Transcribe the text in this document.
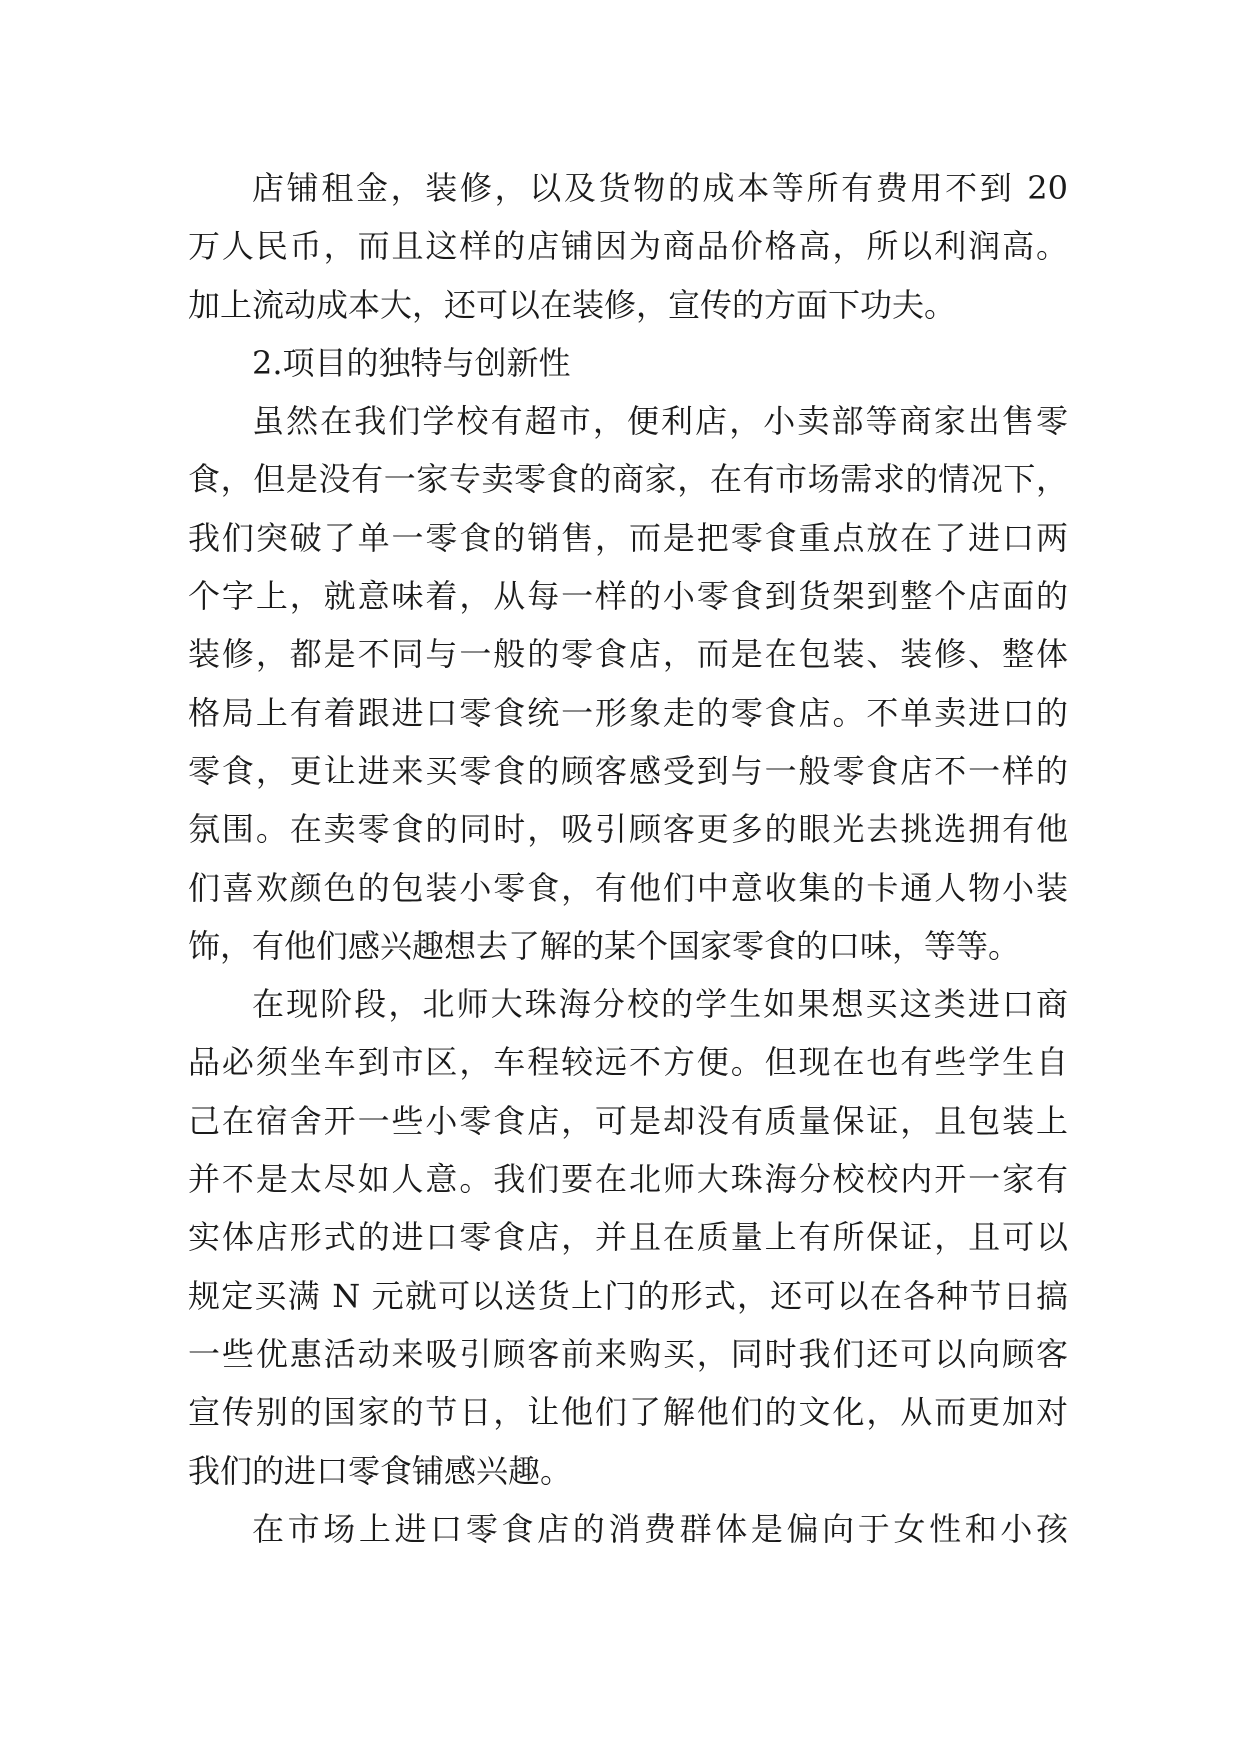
店铺租金，装修，以及货物的成本等所有费用不到 20
万人民币，而且这样的店铺因为商品价格高，所以利润高。
加上流动成本大，还可以在装修，宣传的方面下功夫。
2.项目的独特与创新性
虽然在我们学校有超市，便利店，小卖部等商家出售零
食，但是没有一家专卖零食的商家，在有市场需求的情况下，
我们突破了单一零食的销售，而是把零食重点放在了进口两
个字上，就意味着，从每一样的小零食到货架到整个店面的
装修，都是不同与一般的零食店，而是在包装、装修、整体
格局上有着跟进口零食统一形象走的零食店。不单卖进口的
零食，更让进来买零食的顾客感受到与一般零食店不一样的
氛围。在卖零食的同时，吸引顾客更多的眼光去挑选拥有他
们喜欢颜色的包装小零食，有他们中意收集的卡通人物小装
饰，有他们感兴趣想去了解的某个国家零食的口味，等等。
在现阶段，北师大珠海分校的学生如果想买这类进口商
品必须坐车到市区，车程较远不方便。但现在也有些学生自
己在宿舍开一些小零食店，可是却没有质量保证，且包装上
并不是太尽如人意。我们要在北师大珠海分校校内开一家有
实体店形式的进口零食店，并且在质量上有所保证，且可以
规定买满 N 元就可以送货上门的形式，还可以在各种节日搞
一些优惠活动来吸引顾客前来购买，同时我们还可以向顾客
宣传别的国家的节日，让他们了解他们的文化，从而更加对
我们的进口零食铺感兴趣。
在市场上进口零食店的消费群体是偏向于女性和小孩
